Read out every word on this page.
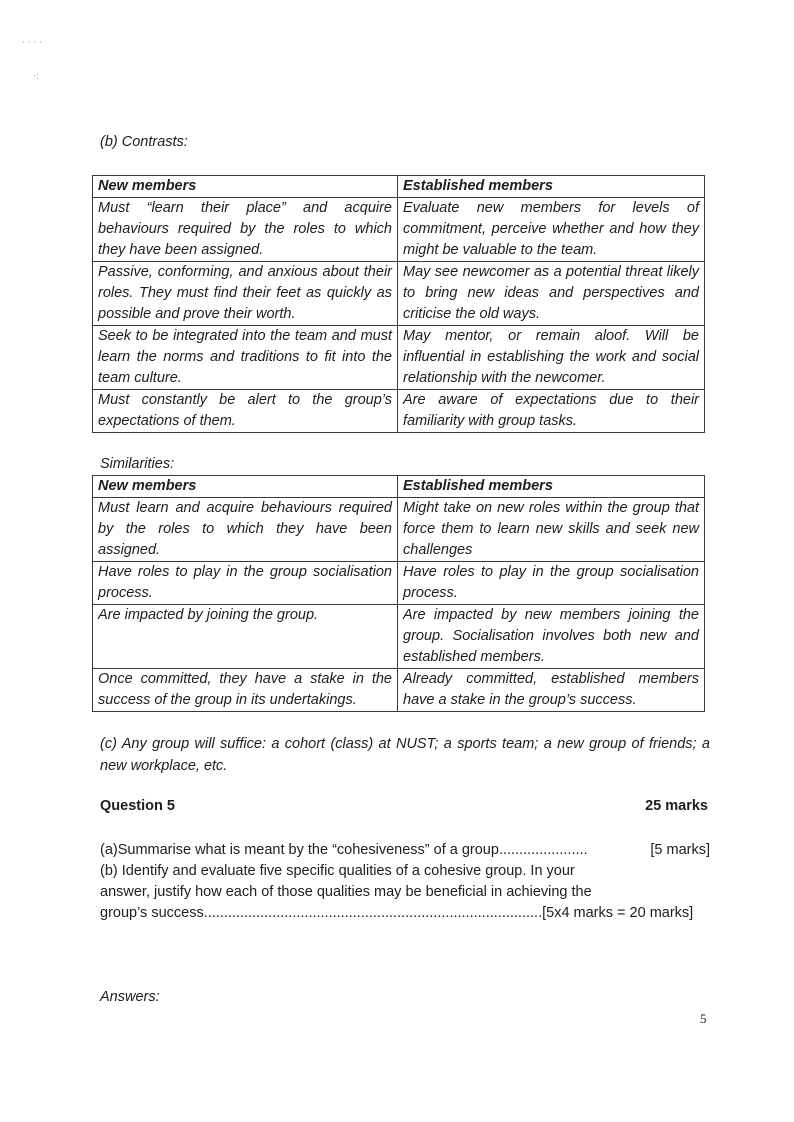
· · · ·
·:
(b) Contrasts:
New members	Established members
Must “learn their place” and acquire behaviours required by the roles to which they have been assigned.	Evaluate new members for levels of commitment, perceive whether and how they might be valuable to the team.
Passive, conforming, and anxious about their roles. They must find their feet as quickly as possible and prove their worth.	May see newcomer as a potential threat likely to bring new ideas and perspectives and criticise the old ways.
Seek to be integrated into the team and must learn the norms and traditions to fit into the team culture.	May mentor, or remain aloof. Will be influential in establishing the work and social relationship with the newcomer.
Must constantly be alert to the group’s expectations of them.	Are aware of expectations due to their familiarity with group tasks.
Similarities:
New members	Established members
Must learn and acquire behaviours required by the roles to which they have been assigned.	Might take on new roles within the group that force them to learn new skills and seek new challenges
Have roles to play in the group socialisation process.	Have roles to play in the group socialisation process.
Are impacted by joining the group.	Are impacted by new members joining the group. Socialisation involves both new and established members.
Once committed, they have a stake in the success of the group in its undertakings.	Already committed, established members have a stake in the group’s success.
(c) Any group will suffice: a cohort (class) at NUST; a sports team; a new group of friends; a new workplace, etc.
Question 5	25 marks
(a)Summarise what is meant by the “cohesiveness” of a group......................	[5 marks]
(b) Identify and evaluate five specific qualities of a cohesive group. In your
answer, justify how each of those qualities may be beneficial in achieving the
group’s success....................................................................................[5x4 marks = 20 marks]
Answers:
5
